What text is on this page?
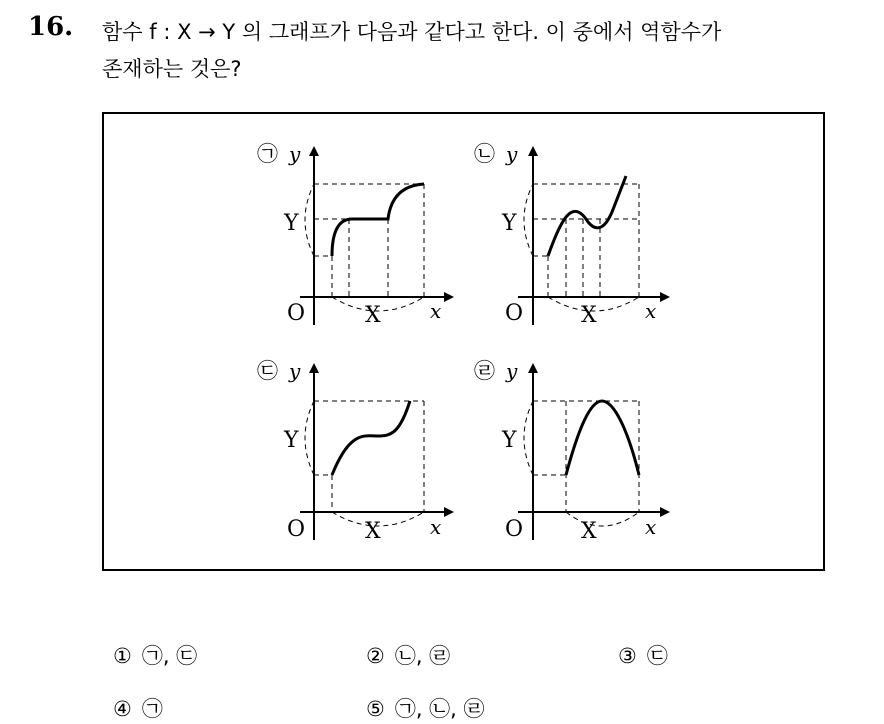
16. 함수 f : X → Y 의 그래프가 다음과 같다고 한다. 이 중에서 역함수가
존재하는 것은?
㉠ y
Y
O	X x
㉡ y
Y
O	X x
㉢ y
Y
O	X x
㉣ y
Y
O	X x
① ㉠, ㉢	② ㉡, ㉣	③ ㉢
④ ㉠	⑤ ㉠, ㉡, ㉣
